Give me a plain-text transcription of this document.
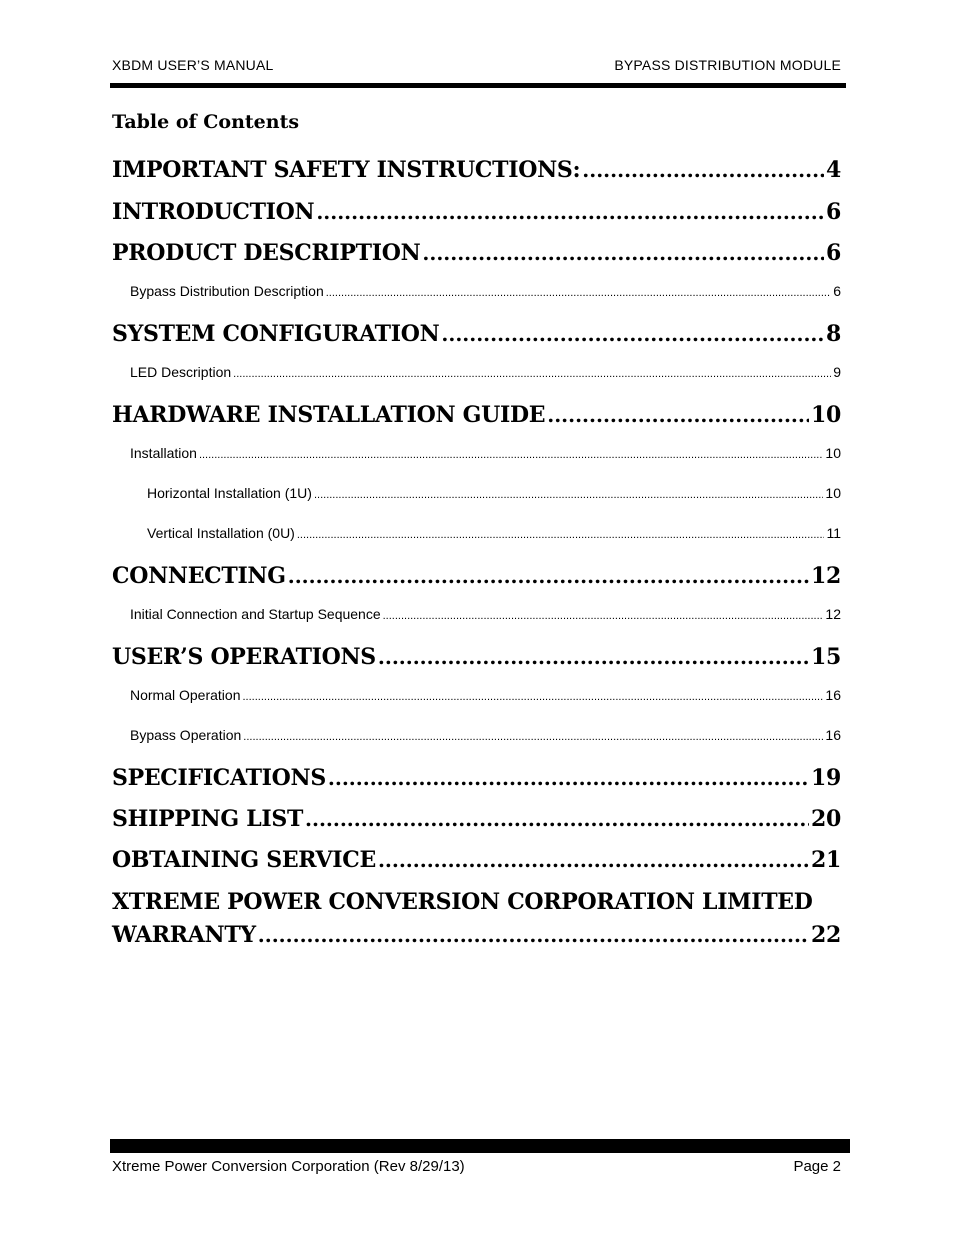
XBDM USER’S MANUAL	BYPASS DISTRIBUTION MODULE
Table of Contents
IMPORTANT SAFETY INSTRUCTIONS: .....	4
INTRODUCTION .....	6
PRODUCT DESCRIPTION .....	6
Bypass Distribution Description .....	6
SYSTEM CONFIGURATION .....	8
LED Description .....	9
HARDWARE INSTALLATION GUIDE .....	10
Installation .....	10
Horizontal Installation (1U) .....	10
Vertical Installation (0U) .....	11
CONNECTING .....	12
Initial Connection and Startup Sequence .....	12
USER’S OPERATIONS .....	15
Normal Operation .....	16
Bypass Operation .....	16
SPECIFICATIONS .....	19
SHIPPING LIST .....	20
OBTAINING SERVICE .....	21
XTREME POWER CONVERSION CORPORATION LIMITED
WARRANTY .....	22
Xtreme Power Conversion Corporation (Rev 8/29/13)	Page 2
